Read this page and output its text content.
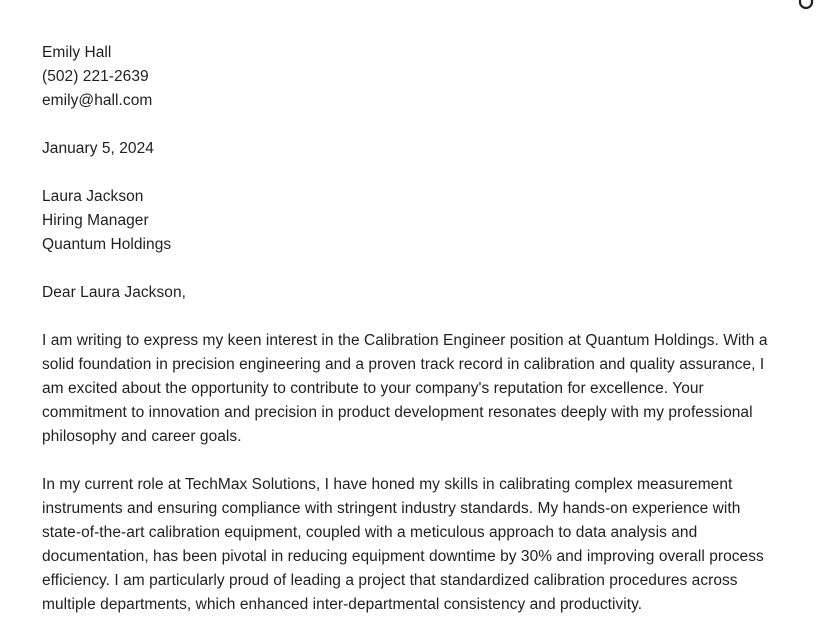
Emily Hall
(502) 221-2639
emily@hall.com
January 5, 2024
Laura Jackson
Hiring Manager
Quantum Holdings
Dear Laura Jackson,
I am writing to express my keen interest in the Calibration Engineer position at Quantum Holdings. With a
solid foundation in precision engineering and a proven track record in calibration and quality assurance, I
am excited about the opportunity to contribute to your company's reputation for excellence. Your
commitment to innovation and precision in product development resonates deeply with my professional
philosophy and career goals.
In my current role at TechMax Solutions, I have honed my skills in calibrating complex measurement
instruments and ensuring compliance with stringent industry standards. My hands-on experience with
state-of-the-art calibration equipment, coupled with a meticulous approach to data analysis and
documentation, has been pivotal in reducing equipment downtime by 30% and improving overall process
efficiency. I am particularly proud of leading a project that standardized calibration procedures across
multiple departments, which enhanced inter-departmental consistency and productivity.
